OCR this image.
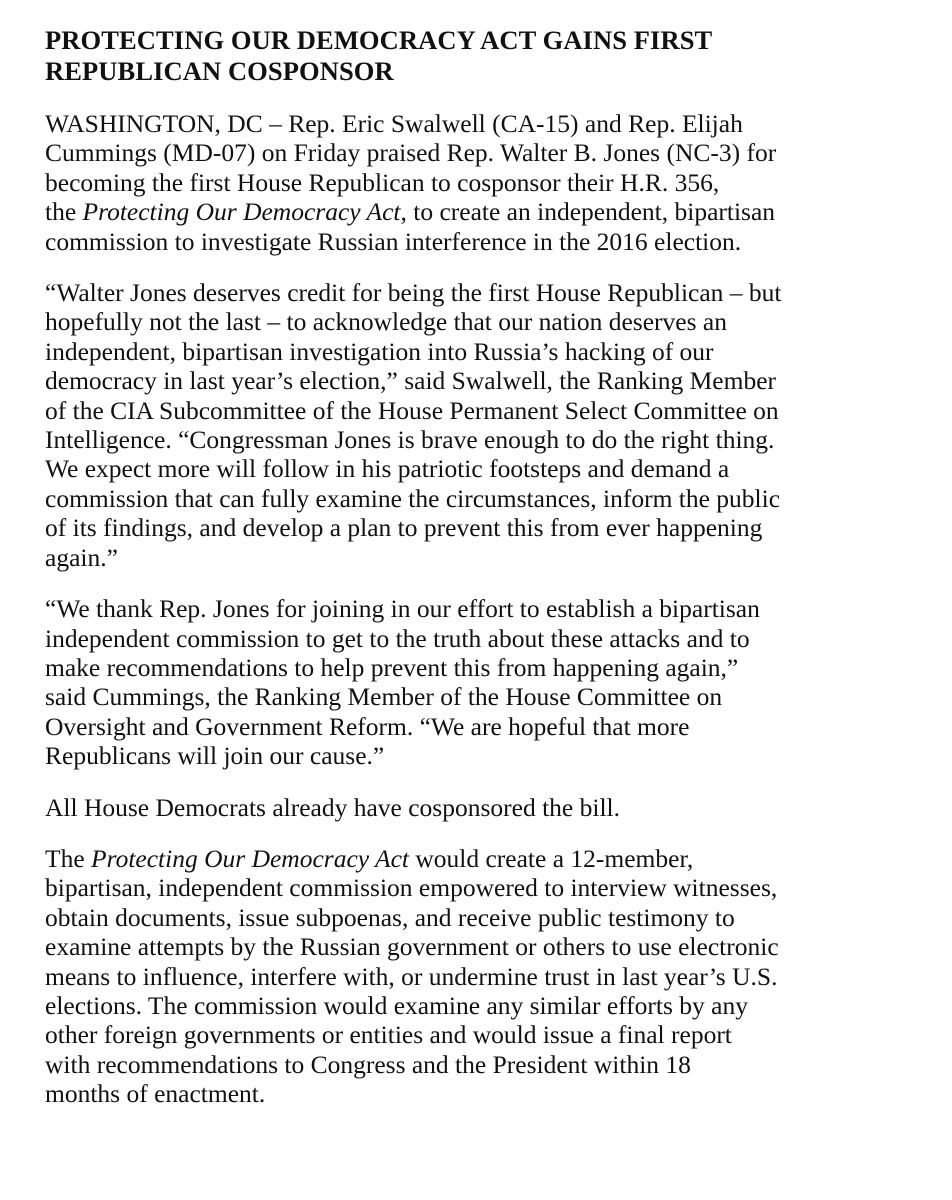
PROTECTING OUR DEMOCRACY ACT GAINS FIRST
REPUBLICAN COSPONSOR

WASHINGTON, DC – Rep. Eric Swalwell (CA-15) and Rep. Elijah
Cummings (MD-07) on Friday praised Rep. Walter B. Jones (NC-3) for
becoming the first House Republican to cosponsor their H.R. 356,
the Protecting Our Democracy Act, to create an independent, bipartisan
commission to investigate Russian interference in the 2016 election.

“Walter Jones deserves credit for being the first House Republican – but
hopefully not the last – to acknowledge that our nation deserves an
independent, bipartisan investigation into Russia’s hacking of our
democracy in last year’s election,” said Swalwell, the Ranking Member
of the CIA Subcommittee of the House Permanent Select Committee on
Intelligence. “Congressman Jones is brave enough to do the right thing.
We expect more will follow in his patriotic footsteps and demand a
commission that can fully examine the circumstances, inform the public
of its findings, and develop a plan to prevent this from ever happening
again.”

“We thank Rep. Jones for joining in our effort to establish a bipartisan
independent commission to get to the truth about these attacks and to
make recommendations to help prevent this from happening again,”
said Cummings, the Ranking Member of the House Committee on
Oversight and Government Reform. “We are hopeful that more
Republicans will join our cause.”

All House Democrats already have cosponsored the bill.

The Protecting Our Democracy Act would create a 12-member,
bipartisan, independent commission empowered to interview witnesses,
obtain documents, issue subpoenas, and receive public testimony to
examine attempts by the Russian government or others to use electronic
means to influence, interfere with, or undermine trust in last year’s U.S.
elections. The commission would examine any similar efforts by any
other foreign governments or entities and would issue a final report
with recommendations to Congress and the President within 18
months of enactment.
